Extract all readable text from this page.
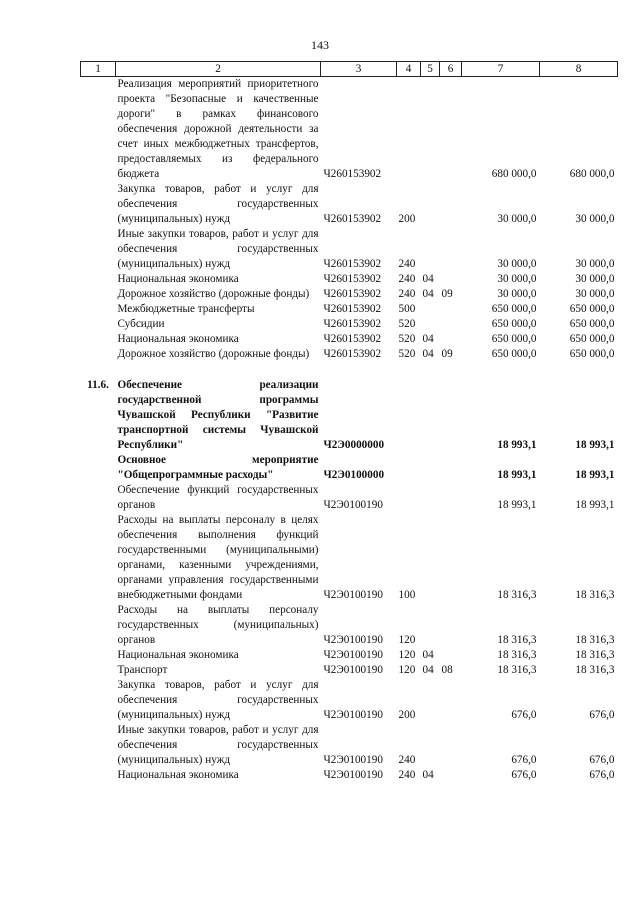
143
1	2	3	4	5	6	7	8
	Реализация мероприятий приоритетного проекта "Безопасные и качественные дороги" в рамках финансового обеспечения дорожной деятельности за счет иных межбюджетных трансфертов, предоставляемых из федерального бюджета	Ч260153902				680 000,0	680 000,0
	Закупка товаров, работ и услуг для обеспечения государственных (муниципальных) нужд	Ч260153902	200			30 000,0	30 000,0
	Иные закупки товаров, работ и услуг для обеспечения государственных (муниципальных) нужд	Ч260153902	240			30 000,0	30 000,0
	Национальная экономика	Ч260153902	240	04		30 000,0	30 000,0
	Дорожное хозяйство (дорожные фонды)	Ч260153902	240	04	09	30 000,0	30 000,0
	Межбюджетные трансферты	Ч260153902	500			650 000,0	650 000,0
	Субсидии	Ч260153902	520			650 000,0	650 000,0
	Национальная экономика	Ч260153902	520	04		650 000,0	650 000,0
	Дорожное хозяйство (дорожные фонды)	Ч260153902	520	04	09	650 000,0	650 000,0
11.6.	Обеспечение реализации государственной программы Чувашской Республики "Развитие транспортной системы Чувашской Республики"	Ч2Э0000000				18 993,1	18 993,1
	Основное мероприятие "Общепрограммные расходы"	Ч2Э0100000				18 993,1	18 993,1
	Обеспечение функций государственных органов	Ч2Э0100190				18 993,1	18 993,1
	Расходы на выплаты персоналу в целях обеспечения выполнения функций государственными (муниципальными) органами, казенными учреждениями, органами управления государственными внебюджетными фондами	Ч2Э0100190	100			18 316,3	18 316,3
	Расходы на выплаты персоналу государственных (муниципальных) органов	Ч2Э0100190	120			18 316,3	18 316,3
	Национальная экономика	Ч2Э0100190	120	04		18 316,3	18 316,3
	Транспорт	Ч2Э0100190	120	04	08	18 316,3	18 316,3
	Закупка товаров, работ и услуг для обеспечения государственных (муниципальных) нужд	Ч2Э0100190	200			676,0	676,0
	Иные закупки товаров, работ и услуг для обеспечения государственных (муниципальных) нужд	Ч2Э0100190	240			676,0	676,0
	Национальная экономика	Ч2Э0100190	240	04		676,0	676,0
